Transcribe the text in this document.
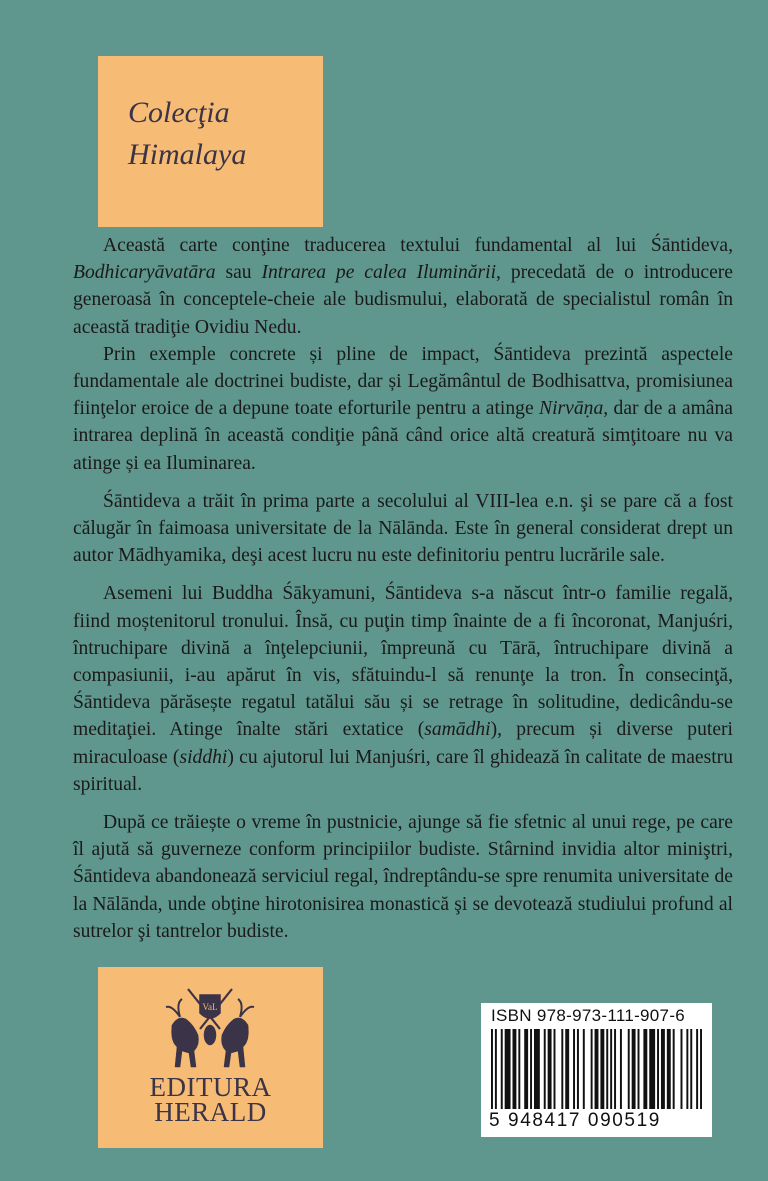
Colecţia
Himalaya

Această carte conţine traducerea textului fundamental al lui Śāntideva, Bodhicaryāvatāra sau Intrarea pe calea Iluminării, precedată de o introducere generoasă în conceptele-cheie ale budismului, elaborată de specialistul român în această tradiţie Ovidiu Nedu.

Prin exemple concrete și pline de impact, Śāntideva prezintă aspectele fundamentale ale doctrinei budiste, dar și Legământul de Bodhisattva, promisiunea fiinţelor eroice de a depune toate eforturile pentru a atinge Nirvāṇa, dar de a amâna intrarea deplină în această condiţie până când orice altă creatură simţitoare nu va atinge și ea Iluminarea.

Śāntideva a trăit în prima parte a secolului al VIII-lea e.n. şi se pare că a fost călugăr în faimoasa universitate de la Nālānda. Este în general considerat drept un autor Mādhyamika, deşi acest lucru nu este definitoriu pentru lucrările sale.

Asemeni lui Buddha Śākyamuni, Śāntideva s-a născut într-o familie regală, fiind moștenitorul tronului. Însă, cu puţin timp înainte de a fi încoronat, Manjuśri, întruchipare divină a înţelepciunii, împreună cu Tārā, întruchipare divină a compasiunii, i-au apărut în vis, sfătuindu-l să renunţe la tron. În consecinţă, Śāntideva părăsește regatul tatălui său și se retrage în solitudine, dedicându-se meditaţiei. Atinge înalte stări extatice (samādhi), precum și diverse puteri miraculoase (siddhi) cu ajutorul lui Manjuśri, care îl ghidează în calitate de maestru spiritual.

După ce trăiește o vreme în pustnicie, ajunge să fie sfetnic al unui rege, pe care îl ajută să guverneze conform principiilor budiste. Stârnind invidia altor miniştri, Śāntideva abandonează serviciul regal, îndreptându-se spre renumita universitate de la Nālānda, unde obţine hirotonisirea monastică şi se devotează studiului profund al sutrelor şi tantrelor budiste.

VaL
EDITURA
HERALD
ISBN 978-973-111-907-6
5 948417 090519
